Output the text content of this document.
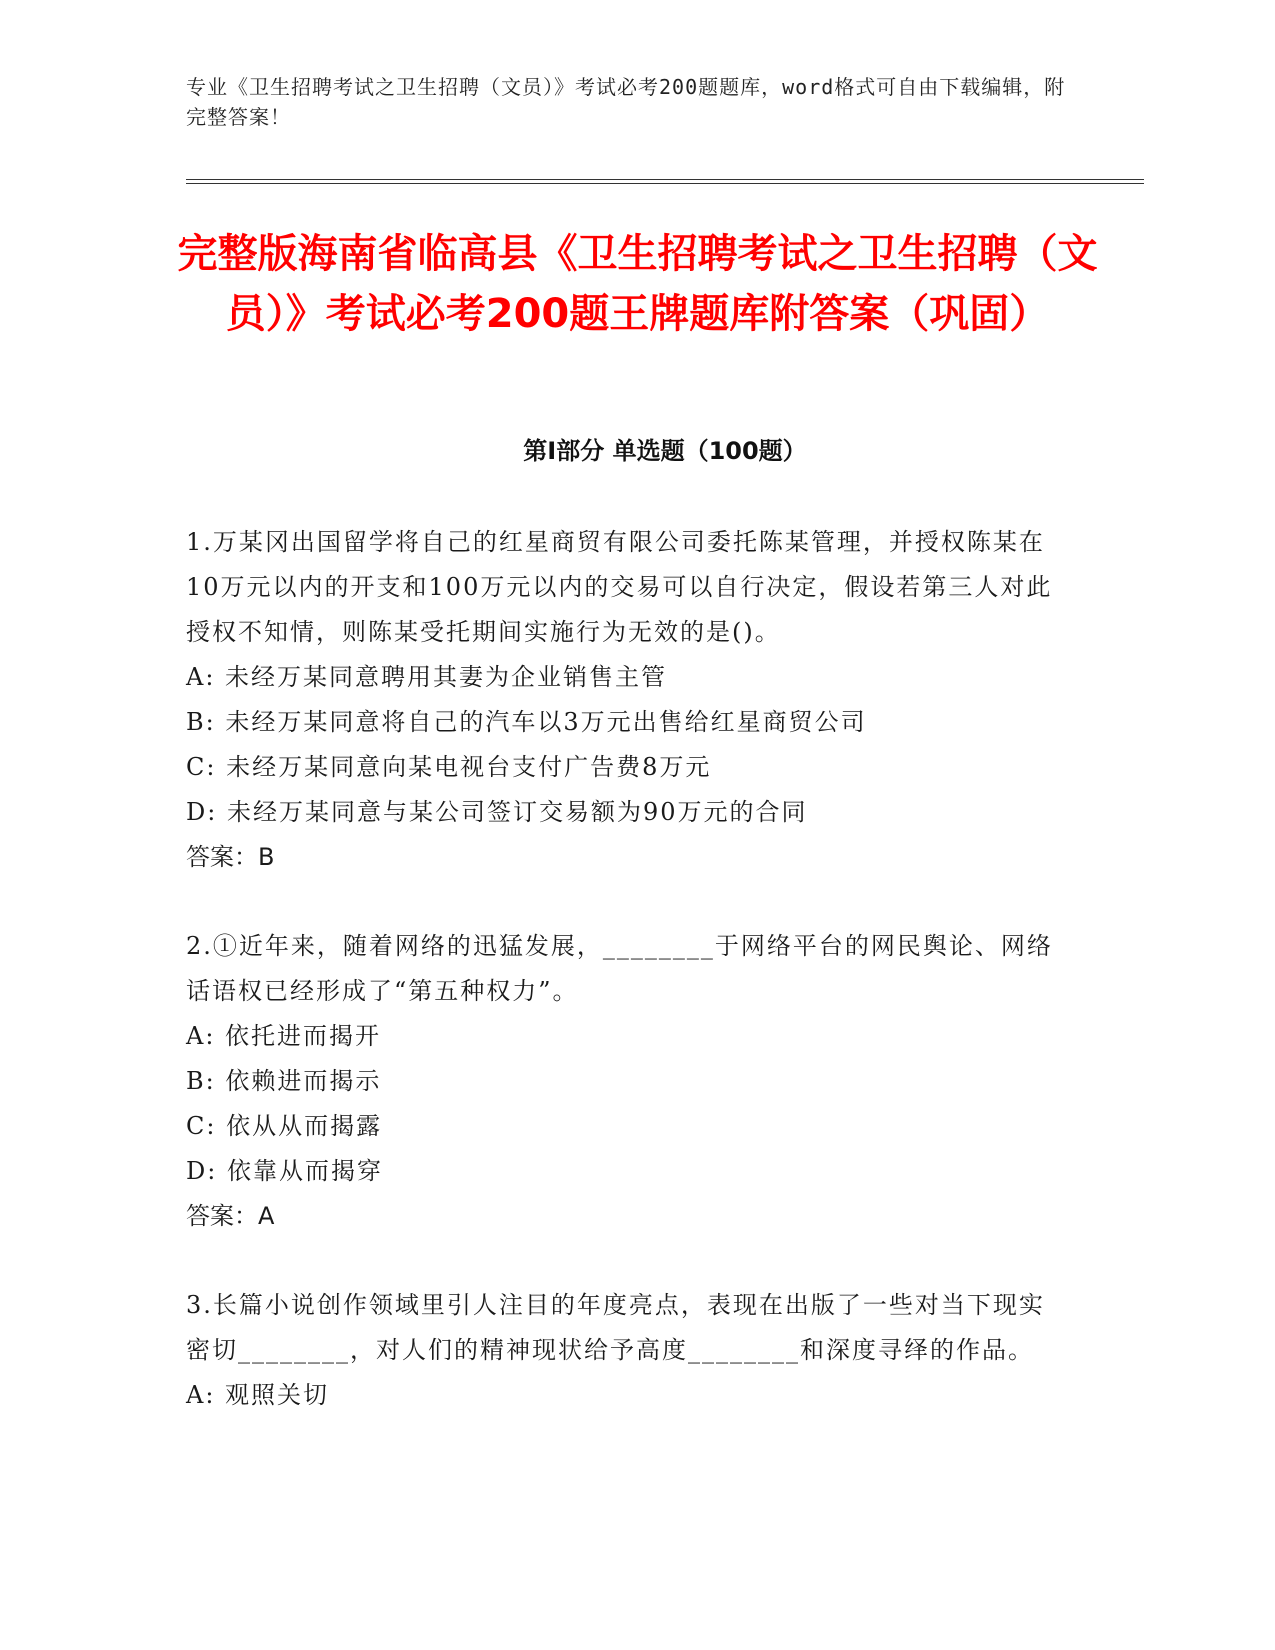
专业《卫生招聘考试之卫生招聘（文员）》考试必考200题题库，word格式可自由下载编辑，附完整答案！

完整版海南省临高县《卫生招聘考试之卫生招聘（文员）》考试必考200题王牌题库附答案（巩固）
第Ⅰ部分 单选题（100题）

1.万某冈出国留学将自己的红星商贸有限公司委托陈某管理，并授权陈某在10万元以内的开支和100万元以内的交易可以自行决定，假设若第三人对此授权不知情，则陈某受托期间实施行为无效的是()。

A: 未经万某同意聘用其妻为企业销售主管
B: 未经万某同意将自己的汽车以3万元出售给红星商贸公司
C: 未经万某同意向某电视台支付广告费8万元
D: 未经万某同意与某公司签订交易额为90万元的合同

答案：B

2.①近年来，随着网络的迅猛发展，________于网络平台的网民舆论、网络话语权已经形成了“第五种权力”。

A: 依托进而揭开
B: 依赖进而揭示
C: 依从从而揭露
D: 依靠从而揭穿

答案：A

3.长篇小说创作领域里引人注目的年度亮点，表现在出版了一些对当下现实密切________，对人们的精神现状给予高度________和深度寻绎的作品。

A: 观照关切
